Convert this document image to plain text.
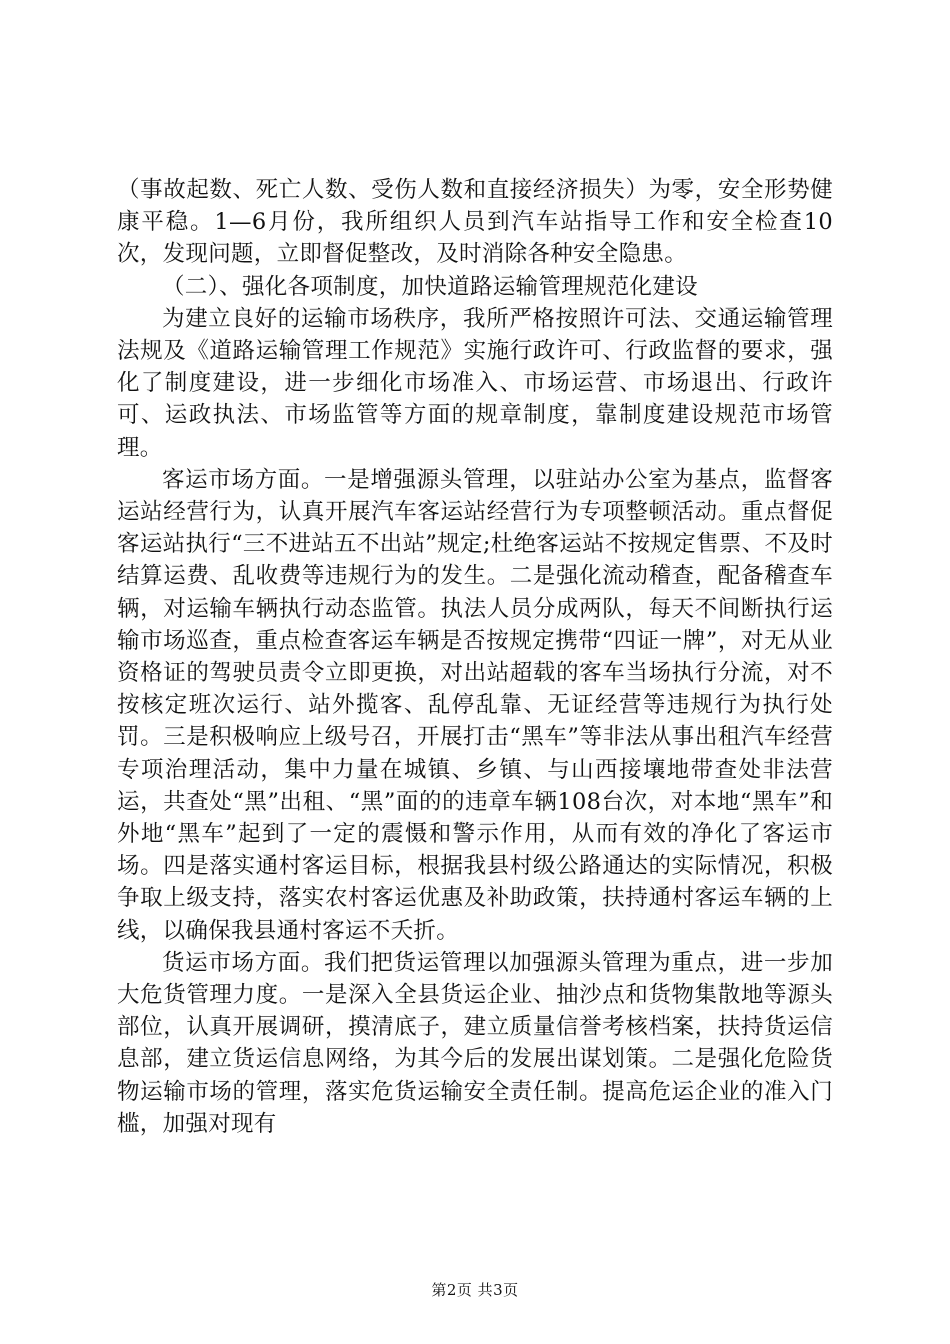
（事故起数、死亡人数、受伤人数和直接经济损失）为零，安全形势健康平稳。1—6月份，我所组织人员到汽车站指导工作和安全检查10次，发现问题，立即督促整改，及时消除各种安全隐患。

（二）、强化各项制度，加快道路运输管理规范化建设

为建立良好的运输市场秩序，我所严格按照许可法、交通运输管理法规及《道路运输管理工作规范》实施行政许可、行政监督的要求，强化了制度建设，进一步细化市场准入、市场运营、市场退出、行政许可、运政执法、市场监管等方面的规章制度，靠制度建设规范市场管理。

客运市场方面。一是增强源头管理，以驻站办公室为基点，监督客运站经营行为，认真开展汽车客运站经营行为专项整顿活动。重点督促客运站执行“三不进站五不出站”规定;杜绝客运站不按规定售票、不及时结算运费、乱收费等违规行为的发生。二是强化流动稽查，配备稽查车辆，对运输车辆执行动态监管。执法人员分成两队，每天不间断执行运输市场巡查，重点检查客运车辆是否按规定携带“四证一牌”，对无从业资格证的驾驶员责令立即更换，对出站超载的客车当场执行分流，对不按核定班次运行、站外揽客、乱停乱靠、无证经营等违规行为执行处罚。三是积极响应上级号召，开展打击“黑车”等非法从事出租汽车经营专项治理活动，集中力量在城镇、乡镇、与山西接壤地带查处非法营运，共查处“黑”出租、“黑”面的的违章车辆108台次，对本地“黑车”和外地“黑车”起到了一定的震慑和警示作用，从而有效的净化了客运市场。四是落实通村客运目标，根据我县村级公路通达的实际情况，积极争取上级支持，落实农村客运优惠及补助政策，扶持通村客运车辆的上线，以确保我县通村客运不夭折。

货运市场方面。我们把货运管理以加强源头管理为重点，进一步加大危货管理力度。一是深入全县货运企业、抽沙点和货物集散地等源头部位，认真开展调研，摸清底子，建立质量信誉考核档案，扶持货运信息部，建立货运信息网络，为其今后的发展出谋划策。二是强化危险货物运输市场的管理，落实危货运输安全责任制。提高危运企业的准入门槛，加强对现有

第2页 共3页
